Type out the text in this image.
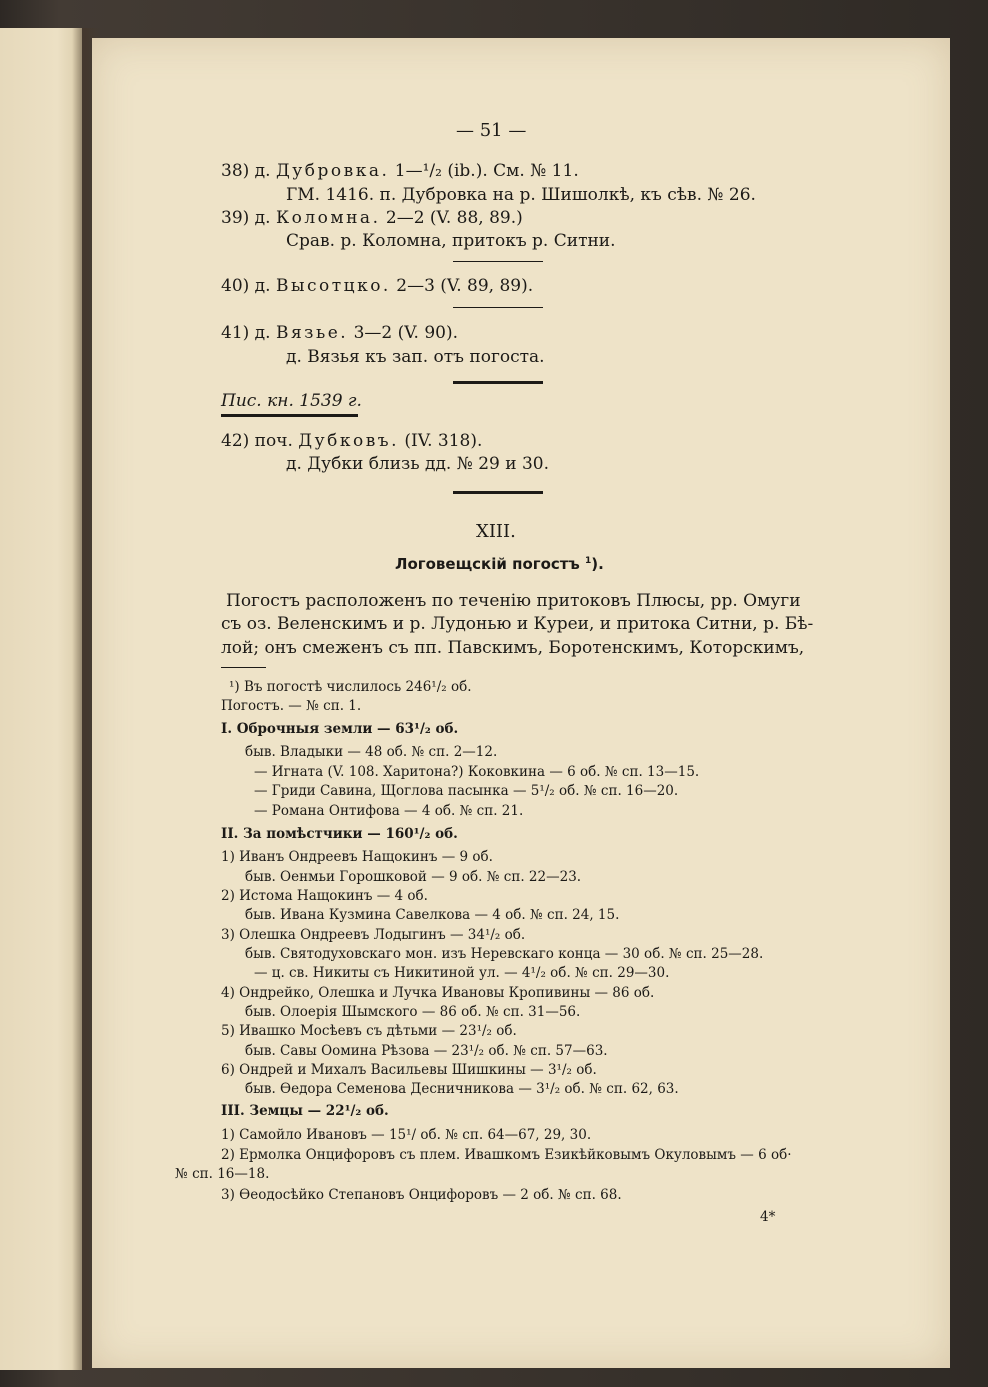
— 51 —
38) д. Дубровка. 1—¹/₂ (ib.). См. № 11.
ГМ. 1416. п. Дубровка на р. Шишолкѣ, къ сѣв. № 26.
39) д. Коломна. 2—2 (V. 88, 89.)
Срав. р. Коломна, притокъ р. Ситни.
40) д. Высотцко. 2—3 (V. 89, 89).
41) д. Вязье. 3—2 (V. 90).
д. Вязья къ зап. отъ погоста.
Пис. кн. 1539 г.
42) поч. Дубковъ. (IV. 318).
д. Дубки близь дд. № 29 и 30.
XIII.
Логовещскій погостъ $^1$).
Погостъ расположенъ по теченію притоковъ Плюсы, рр. Омуги
съ оз. Веленскимъ и р. Лудонью и Куреи, и притока Ситни, р. Бѣ-
лой; онъ смеженъ съ пп. Павскимъ, Боротенскимъ, Которскимъ,
¹) Въ погостѣ числилось 246¹/₂ об.
Погостъ. — № сп. 1.
I. Оброчныя земли — 63¹/₂ об.
быв. Владыки — 48 об. № сп. 2—12.
— Игната (V. 108. Харитона?) Коковкина — 6 об. № сп. 13—15.
— Гриди Савина, Щоглова пасынка — 5¹/₂ об. № сп. 16—20.
— Романа Онтифова — 4 об. № сп. 21.
II. За помѣстчики — 160¹/₂ об.
1) Иванъ Ондреевъ Нащокинъ — 9 об.
быв. Оенмьи Горошковой — 9 об. № сп. 22—23.
2) Истома Нащокинъ — 4 об.
быв. Ивана Кузмина Савелкова — 4 об. № сп. 24, 15.
3) Олешка Ондреевъ Лодыгинъ — 34¹/₂ об.
быв. Святодуховскаго мон. изъ Неревскаго конца — 30 об. № сп. 25—28.
— ц. св. Никиты съ Никитиной ул. — 4¹/₂ об. № сп. 29—30.
4) Ондрейко, Олешка и Лучка Ивановы Кропивины — 86 об.
быв. Олоерія Шымского — 86 об. № сп. 31—56.
5) Ивашко Мосѣевъ съ дѣтьми — 23¹/₂ об.
быв. Савы Оомина Рѣзова — 23¹/₂ об. № сп. 57—63.
6) Ондрей и Михалъ Васильевы Шишкины — 3¹/₂ об.
быв. Өедора Семенова Десничникова — 3¹/₂ об. № сп. 62, 63.
III. Земцы — 22¹/₂ об.
1) Самойло Ивановъ — 15¹/ об. № сп. 64—67, 29, 30.
2) Ермолка Онцифоровъ съ плем. Ивашкомъ Езикѣйковымъ Окуловымъ — 6 об·
№ сп. 16—18.
3) Өеодосѣйко Степановъ Онцифоровъ — 2 об. № сп. 68.
4*
